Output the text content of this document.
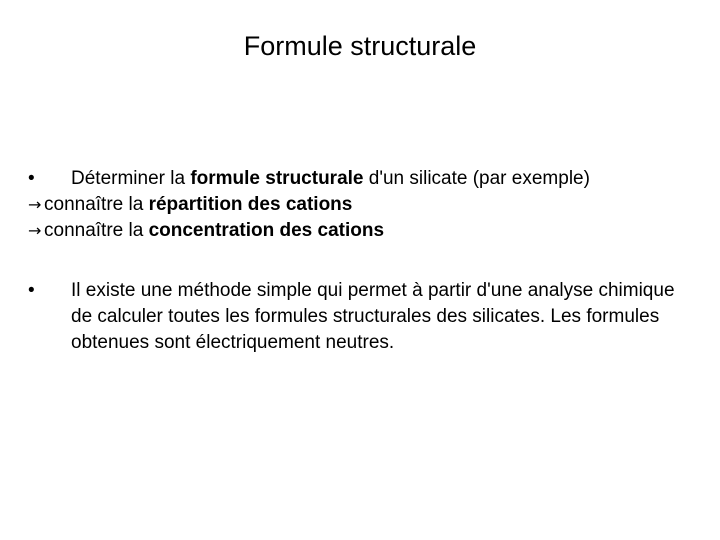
Formule structurale
•	Déterminer la formule structurale d'un silicate (par exemple)
→ connaître la répartition des cations
→ connaître la concentration des cations
•	Il existe une méthode simple qui permet à partir d'une analyse chimique de calculer toutes les formules structurales des silicates. Les formules obtenues sont électriquement neutres.
